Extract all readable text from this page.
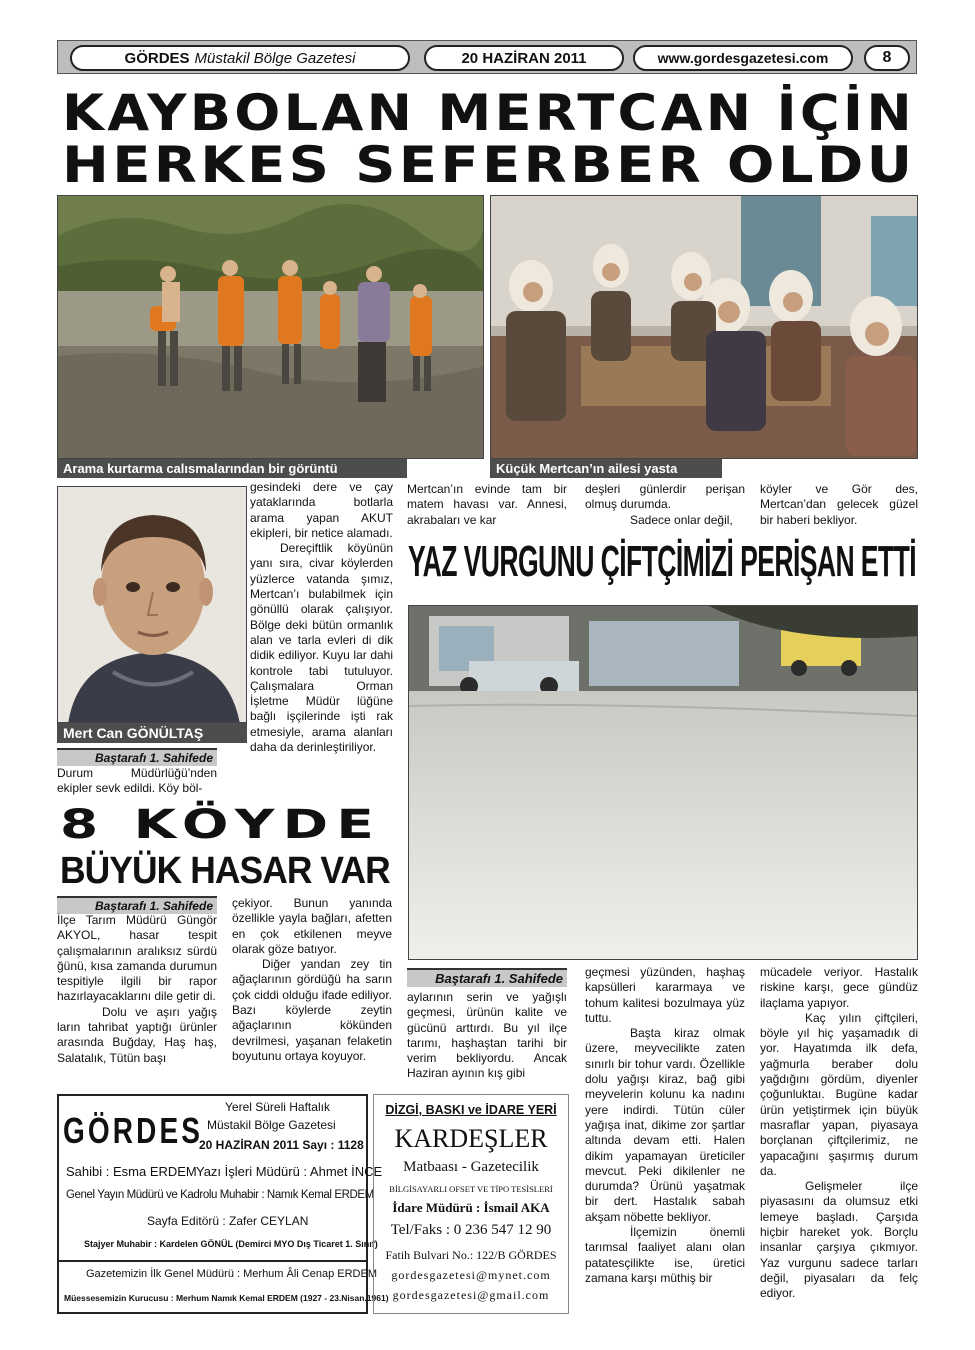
GÖRDES Müstakil Bölge Gazetesi	20 HAZİRAN 2011	www.gordesgazetesi.com	8
KAYBOLAN MERTCAN İÇİN
HERKES SEFERBER OLDU
Arama kurtarma calısmalarından bir görüntü	Küçük Mertcan’ın ailesi yasta
Mert Can GÖNÜLTAŞ
Baştarafı 1. Sahifede
Durum Müdürlüğü’nden ekipler sevk edildi. Köy böl-

gesindeki dere ve çay yataklarında botlarla arama yapan AKUT ekipleri, bir netice alamadı.

Dereçiftlik köyünün yanı sıra, civar köylerden yüzlerce vatanda şımız, Mertcan’ı bulabilmek için gönüllü olarak çalışıyor. Bölge deki bütün ormanlık alan ve tarla evleri di dik didik ediliyor. Kuyu lar dahi kontrole tabi tutuluyor. Çalışmalara Orman İşletme Müdür lüğüne bağlı işçilerinde işti rak etmesiyle, arama alanları daha da derinleştiriliyor.

Mertcan’ın evinde tam bir matem havası var. Annesi, akrabaları ve kar

deşleri günlerdir perişan olmuş durumda.

Sadece onlar değil,

köyler ve Gör des, Mertcan’dan gelecek güzel bir haberi bekliyor.
YAZ VURGUNU ÇİFTÇİMİZİ PERİŞAN ETTİ
8 KÖYDE
BÜYÜK HASAR VAR
Baştarafı 1. Sahifede

İlçe Tarım Müdürü Güngör AKYOL, hasar tespit çalışmalarının aralıksız sürdü ğünü, kısa zamanda durumun tespitiyle ilgili bir rapor hazırlayacaklarını dile getir di.

Dolu ve aşırı yağış ların tahribat yaptığı ürünler arasında Buğday, Haş haş, Salatalık, Tütün başı

çekiyor. Bunun yanında özellikle yayla bağları, afetten en çok etkilenen meyve olarak göze batıyor.

Diğer yandan zey tin ağaçlarının gördüğü ha sarın çok ciddi olduğu ifade ediliyor. Bazı köylerde zeytin ağaçlarının kökünden devrilmesi, yaşanan felaketin boyutunu ortaya koyuyor.

Baştarafı 1. Sahifede
aylarının serin ve yağışlı geçmesi, ürünün kalite ve gücünü arttırdı. Bu yıl ilçe tarımı, haşhaştan tarihi bir verim bekliyordu. Ancak Haziran ayının kış gibi

geçmesi yüzünden, haşhaş kapsülleri kararmaya ve tohum kalitesi bozulmaya yüz tuttu.

Başta kiraz olmak üzere, meyvecilikte zaten sınırlı bir tohur vardı. Özellikle dolu yağışı kiraz, bağ gibi meyvelerin kolunu ka nadını yere indirdi. Tütün cüler yağışa inat, dikime zor şartlar altında devam etti. Halen dikim yapamayan üreticiler mevcut. Peki dikilenler ne durumda? Ürünü yaşatmak bir dert. Hastalık sabah akşam nöbette bekliyor.

İlçemizin önemli tarımsal faaliyet alanı olan patatesçilikte ise, üretici zamana karşı müthiş bir

mücadele veriyor. Hastalık riskine karşı, gece gündüz ilaçlama yapıyor.

Kaç yılın çiftçileri, böyle yıl hiç yaşamadık di yor. Hayatımda ilk defa, yağmurla beraber dolu yağdığını gördüm, diyenler çoğunluktaı. Bugüne kadar ürün yetiştirmek için büyük masraflar yapan, piyasaya borçlanan çiftçilerimiz, ne yapacağını şaşırmış durum da.

Gelişmeler ilçe piyasasını da olumsuz etki lemeye başladı. Çarşıda hiçbir hareket yok. Borçlu insanlar çarşıya çıkmıyor. Yaz vurgunu sadece tarları değil, piyasaları da felç ediyor.

GÖRDES
Yerel Süreli Haftalık
Müstakil Bölge Gazetesi
20 HAZİRAN 2011 Sayı : 1128
Sahibi : Esma ERDEM Yazı İşleri Müdürü : Ahmet İNCE
Genel Yayın Müdürü ve Kadrolu Muhabir : Namık Kemal ERDEM
Sayfa Editörü : Zafer CEYLAN
Stajyer Muhabir : Kardelen GÖNÜL (Demirci MYO Dış Ticaret 1. Sınıf)
Gazetemizin İlk Genel Müdürü : Merhum Âli Cenap ERDEM
Müessesemizin Kurucusu : Merhum Namık Kemal ERDEM (1927 - 23.Nisan.1961)
DİZGİ, BASKI ve İDARE YERİ
KARDEŞLER
Matbaası - Gazetecilik
BİLGİSAYARLI OFSET VE TİPO TESİSLERİ
İdare Müdürü : İsmail AKA
Tel/Faks : 0 236 547 12 90
Fatih Bulvari No.: 122/B GÖRDES
gordesgazetesi@mynet.com
gordesgazetesi@gmail.com
